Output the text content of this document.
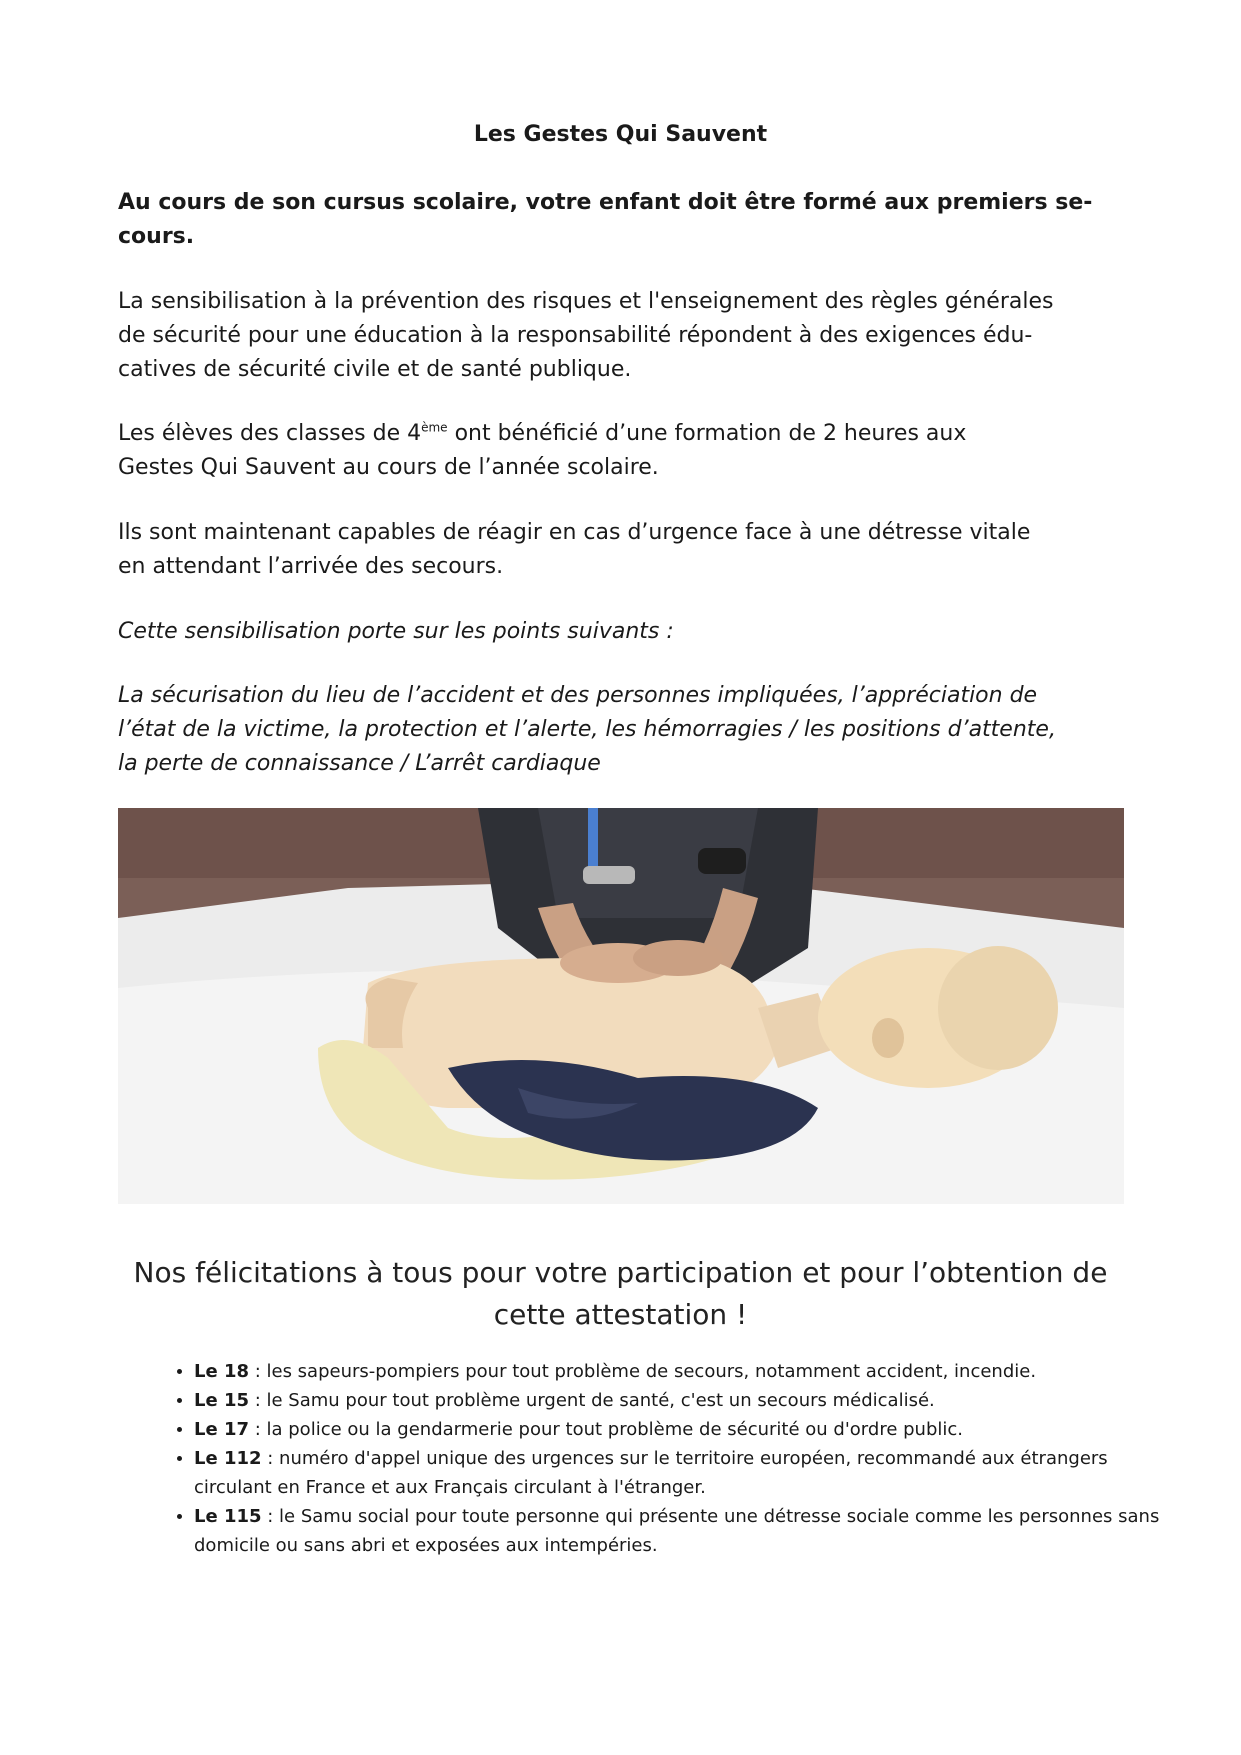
Les Gestes Qui Sauvent
Au cours de son cursus scolaire, votre enfant doit être formé aux premiers se-
cours.

La sensibilisation à la prévention des risques et l'enseignement des règles générales
de sécurité pour une éducation à la responsabilité répondent à des exigences édu-
catives de sécurité civile et de santé publique.

Les élèves des classes de 4ème ont bénéficié d’une formation de 2 heures aux
Gestes Qui Sauvent au cours de l’année scolaire.

Ils sont maintenant capables de réagir en cas d’urgence face à une détresse vitale
en attendant l’arrivée des secours.

Cette sensibilisation porte sur les points suivants :

La sécurisation du lieu de l’accident et des personnes impliquées, l’appréciation de
l’état de la victime, la protection et l’alerte, les hémorragies / les positions d’attente,
la perte de connaissance / L’arrêt cardiaque

Nos félicitations à tous pour votre participation et pour l’obtention de
cette attestation !
• Le 18 : les sapeurs-pompiers pour tout problème de secours, notamment accident, incendie.
• Le 15 : le Samu pour tout problème urgent de santé, c'est un secours médicalisé.
• Le 17 : la police ou la gendarmerie pour tout problème de sécurité ou d'ordre public.
• Le 112 : numéro d'appel unique des urgences sur le territoire européen, recommandé aux étrangers circulant en France et aux Français circulant à l'étranger.
• Le 115 : le Samu social pour toute personne qui présente une détresse sociale comme les personnes sans domicile ou sans abri et exposées aux intempéries.
